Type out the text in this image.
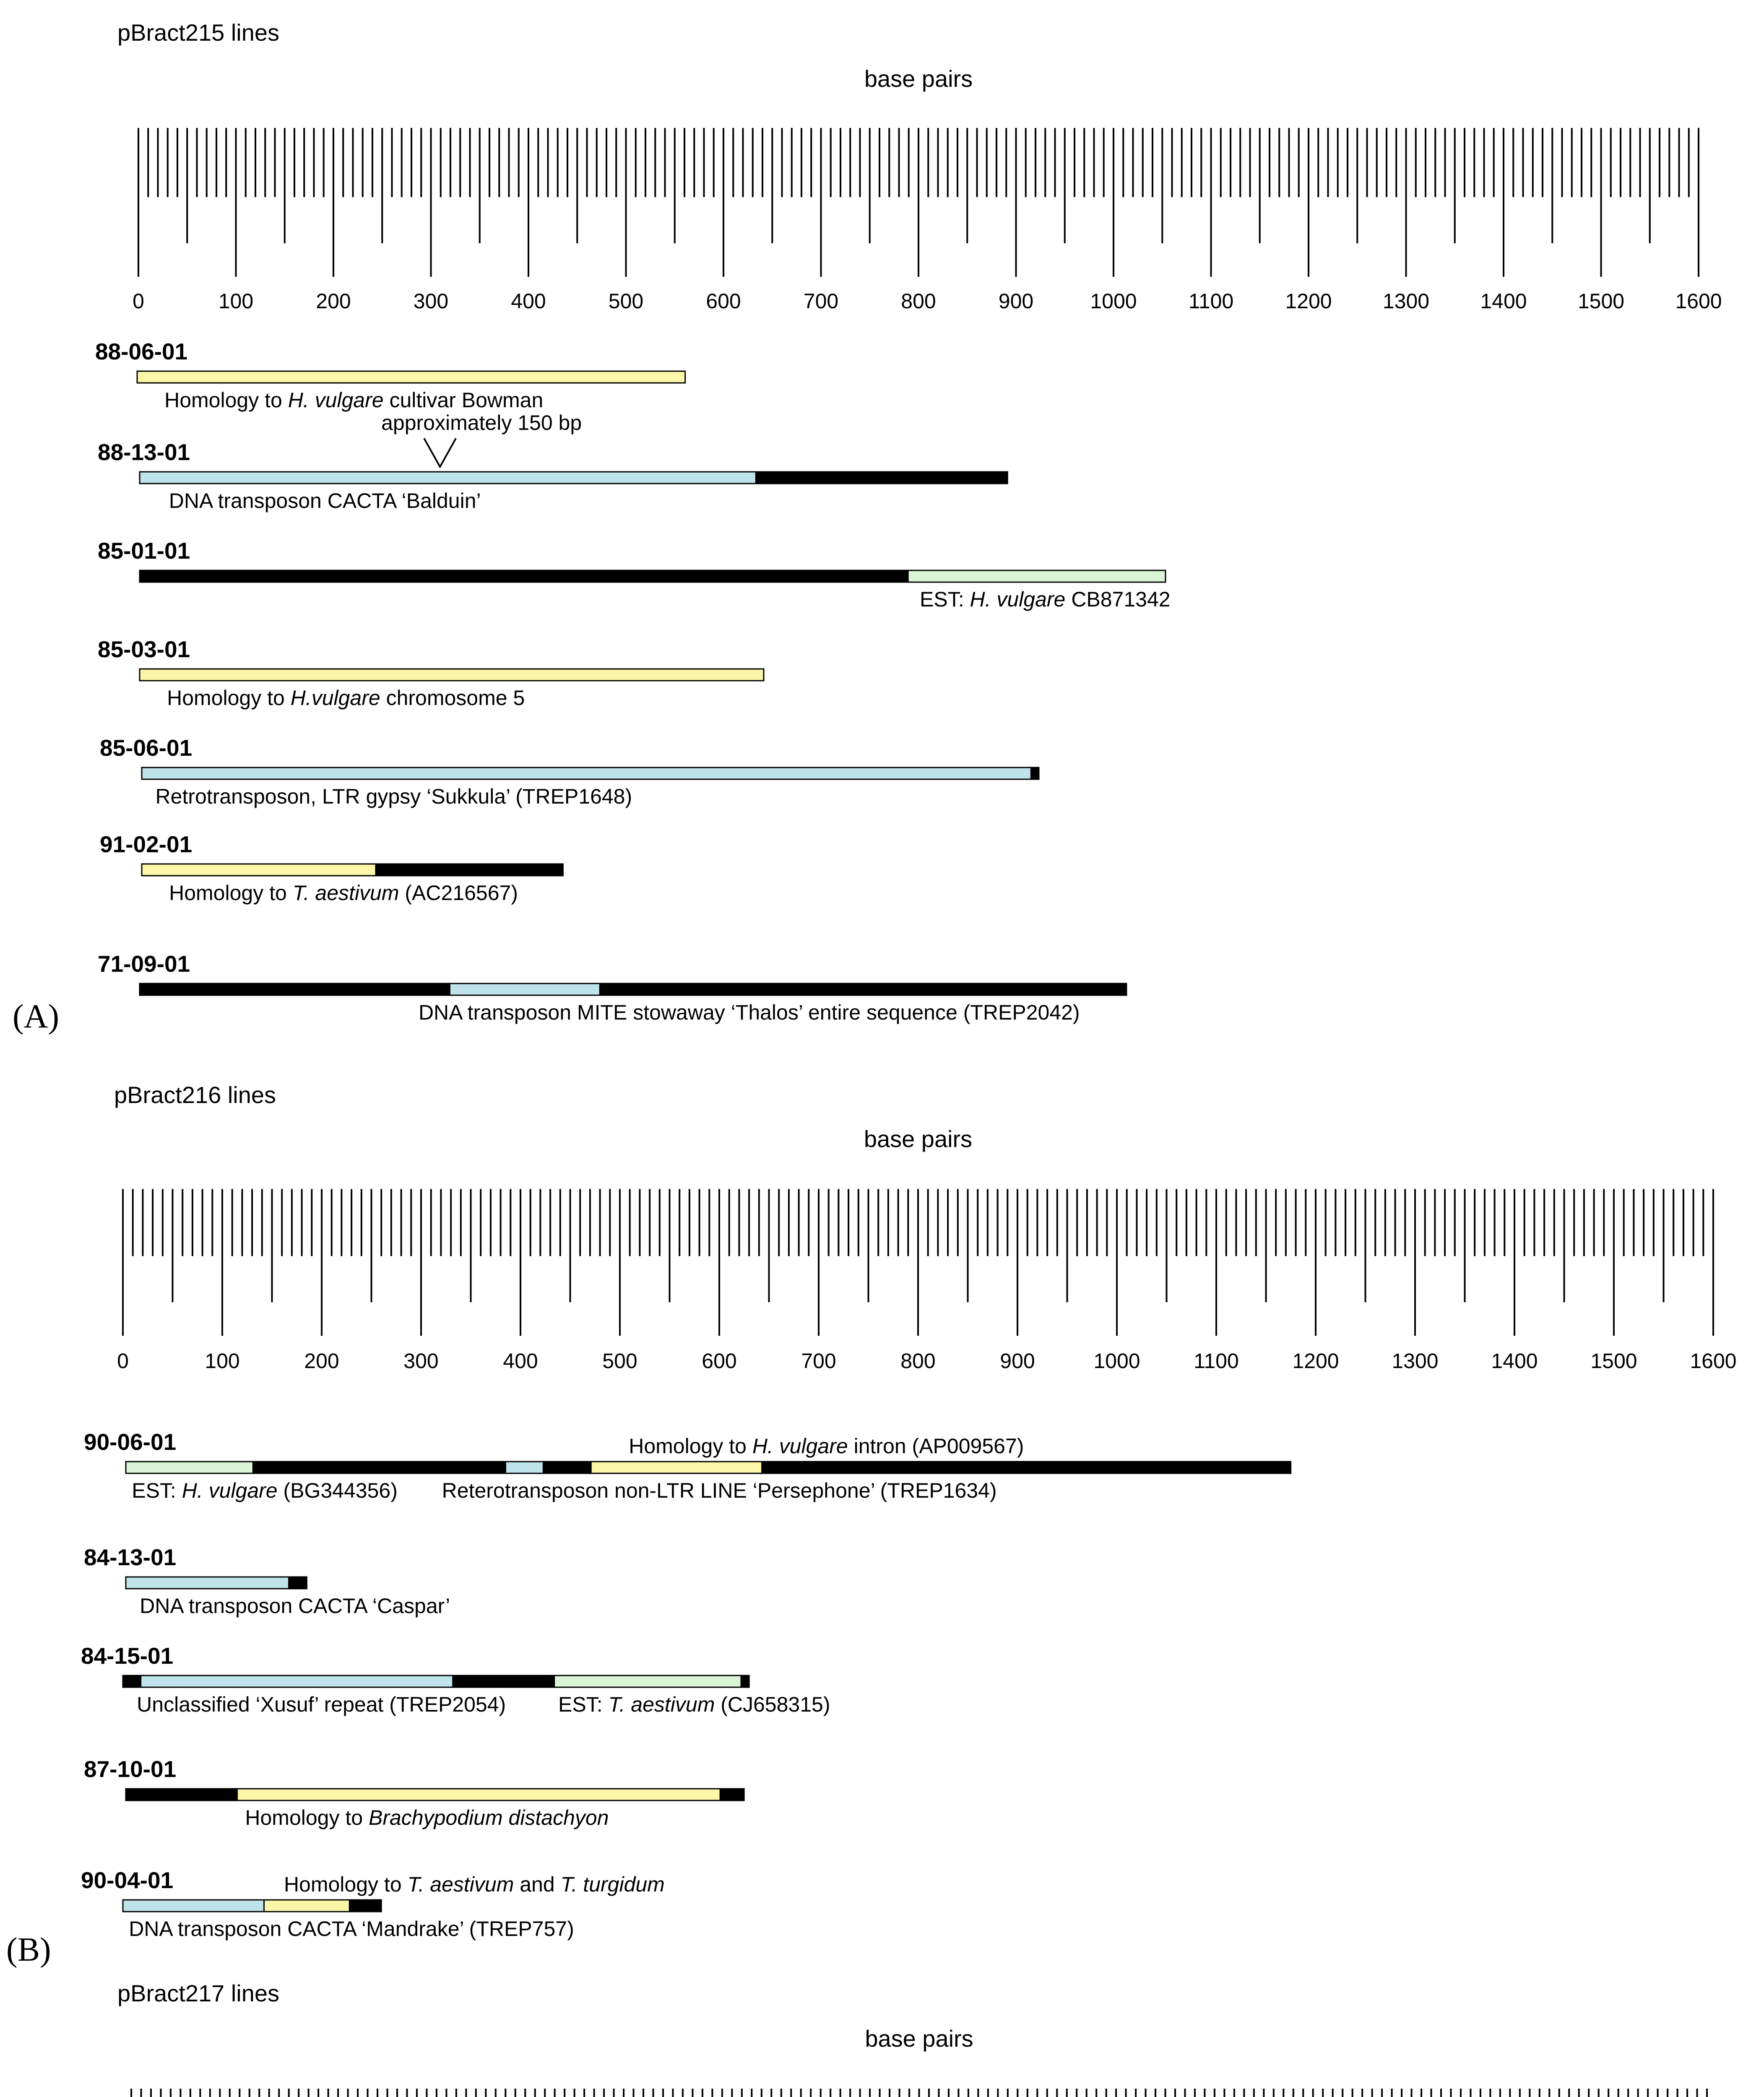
pBract215 lines
base pairs
0	100	200	300	400	500	600	700	800	900	1000 1100 1200 1300 1400 1500 1600
(A)
88-06-01
Homology to H. vulgare cultivar Bowman
88-13-01
DNA transposon CACTA ‘Balduin’
approximately 150 bp
85-01-01
EST: H. vulgare CB871342
85-03-01
Homology to H.vulgare chromosome 5
85-06-01
Retrotransposon, LTR gypsy ‘Sukkula’ (TREP1648)
91-02-01
Homology to T. aestivum (AC216567)
71-09-01
DNA transposon MITE stowaway ‘Thalos’ entire sequence (TREP2042)
pBract216 lines
base pairs
0	100	200	300	400	500	600	700	800	900	1000	1100	1200	1300	1400	1500	1600
(B)
90-06-01
EST: H. vulgare (BG344356) Reterotransposon non-LTR LINE ‘Persephone’ (TREP1634)
Homology to H. vulgare intron (AP009567)
84-13-01
DNA transposon CACTA ‘Caspar’
84-15-01
Unclassified ‘Xusuf’ repeat (TREP2054) EST: T. aestivum (CJ658315)
87-10-01
Homology to Brachypodium distachyon
90-04-01
DNA transposon CACTA ‘Mandrake’ (TREP757)
Homology to T. aestivum and T. turgidum
pBract217 lines
base pairs
